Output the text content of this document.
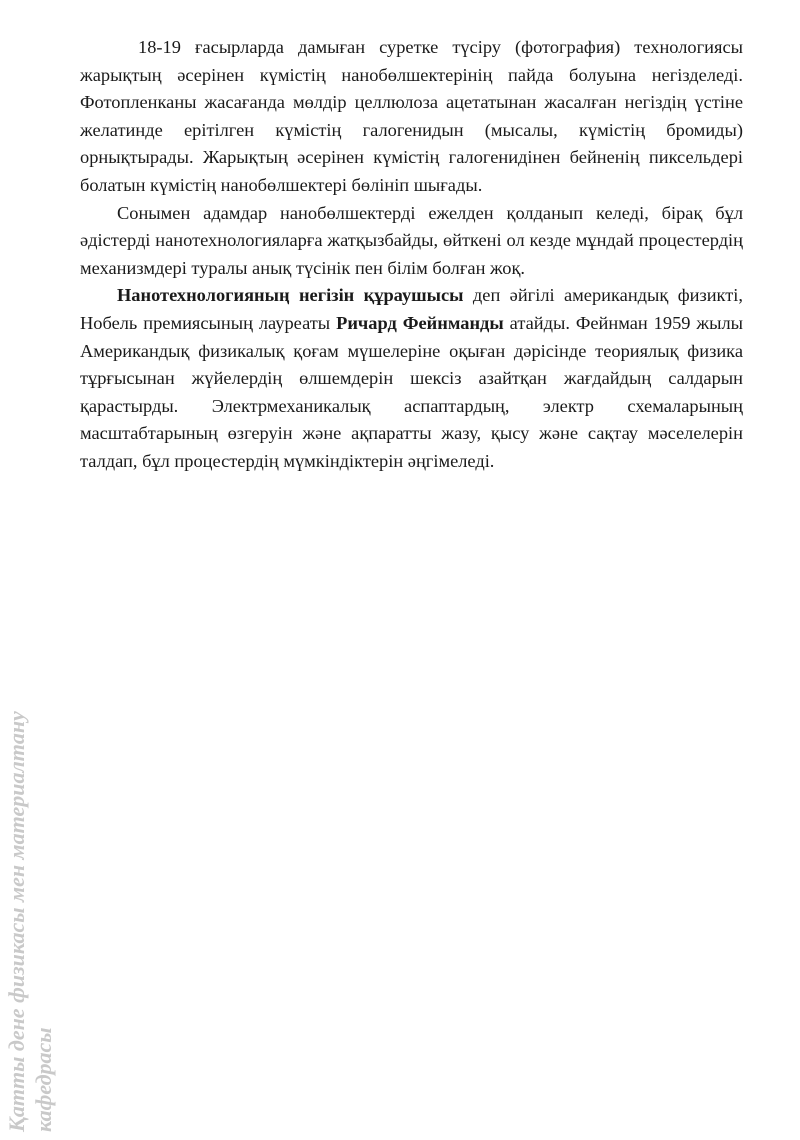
Қатты дене физикасы мен материалтану кафедрасы

18-19 ғасырларда дамыған суретке түсіру (фотография) технологиясы жарықтың әсерінен күмістің нанобөлшектерінің пайда болуына негізделеді. Фотопленканы жасағанда мөлдір целлюлоза ацетатынан жасалған негіздің үстіне желатинде ерітілген күмістің галогенидын (мысалы, күмістің бромиды) орнықтырады. Жарықтың әсерінен күмістің галогенидінен бейненің пиксельдері болатын күмістің нанобөлшектері бөлініп шығады.

Сонымен адамдар нанобөлшектерді ежелден қолданып келеді, бірақ бұл әдістерді нанотехнологияларға жатқызбайды, өйткені ол кезде мұндай процестердің механизмдері туралы анық түсінік пен білім болған жоқ.

Нанотехнологияның негізін құраушысы деп әйгілі американдық физикті, Нобель премиясының лауреаты Ричард Фейнманды атайды. Фейнман 1959 жылы Американдық физикалық қоғам мүшелеріне оқыған дәрісінде теориялық физика тұрғысынан жүйелердің өлшемдерін шексіз азайтқан жағдайдың салдарын қарастырды. Электрмеханикалық аспаптардың, электр схемаларының масштабтарының өзгеруін және ақпаратты жазу, қысу және сақтау мәселелерін талдап, бұл процестердің мүмкіндіктерін әңгімеледі.
